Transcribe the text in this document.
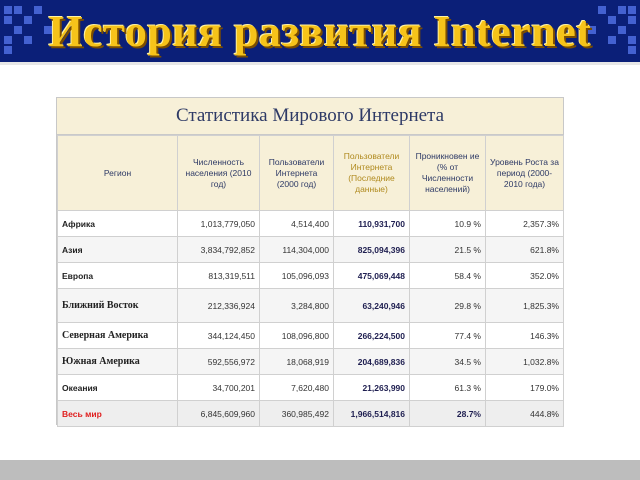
История развития Internet
Статистика Мирового Интернета
Регион	Численность населения (2010 год)	Пользователи Интернета (2000 год)	Пользователи Интернета (Последние данные)	Проникновен ие (% от Численности населений)	Уровень Роста за период (2000-2010 года)
Африка	1,013,779,050	4,514,400	110,931,700	10.9 %	2,357.3%
Азия	3,834,792,852	114,304,000	825,094,396	21.5 %	621.8%
Европа	813,319,511	105,096,093	475,069,448	58.4 %	352.0%
Ближний Восток	212,336,924	3,284,800	63,240,946	29.8 %	1,825.3%
Северная Америка	344,124,450	108,096,800	266,224,500	77.4 %	146.3%
Южная Америка	592,556,972	18,068,919	204,689,836	34.5 %	1,032.8%
Океания	34,700,201	7,620,480	21,263,990	61.3 %	179.0%
Весь мир	6,845,609,960	360,985,492	1,966,514,816	28.7%	444.8%
